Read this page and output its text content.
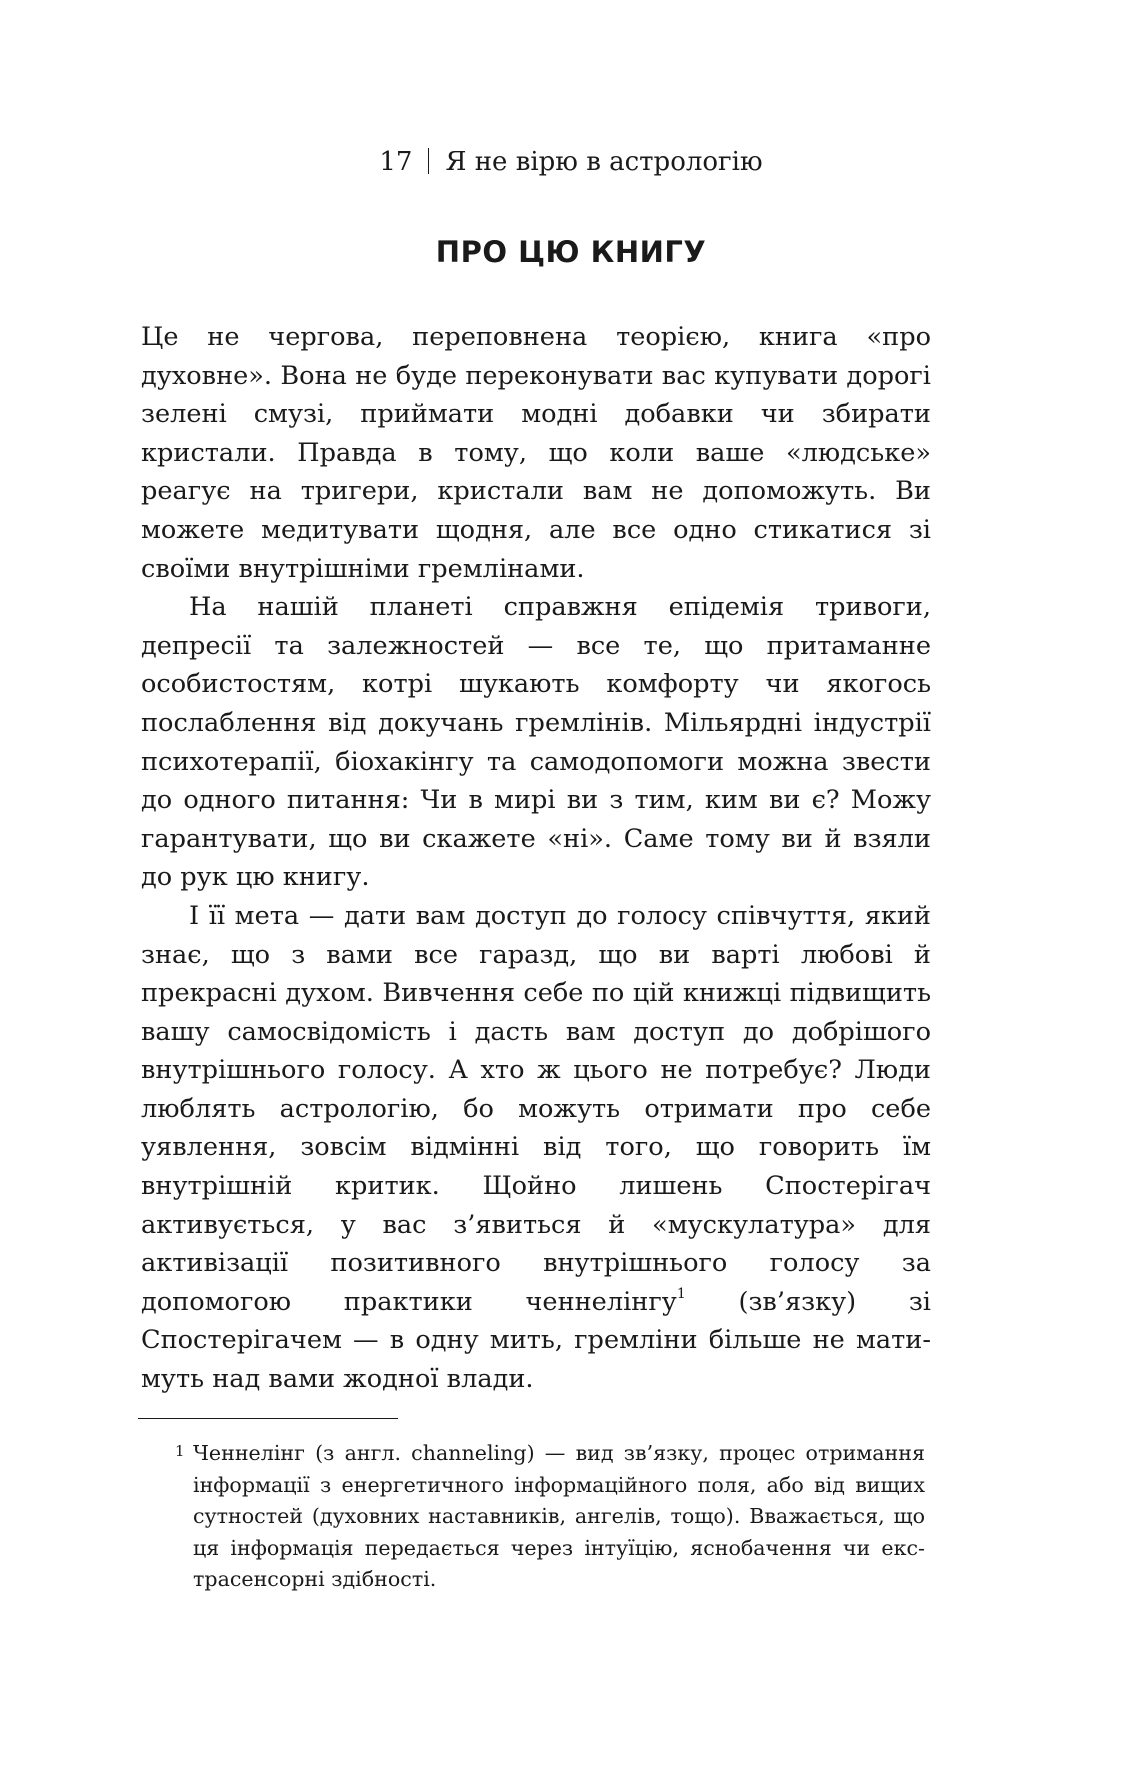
17 Я не вірю в астрологію
ПРО ЦЮ КНИГУ

Це не чергова, переповнена теорією, книга «про духовне». Вона не буде переконувати вас купувати дорогі зелені смузі, приймати модні добавки чи збирати кристали. Правда в тому, що коли ваше «людське» реагує на тригери, кристали вам не допоможуть. Ви можете медитувати щодня, але все одно стикатися зі своїми внутрішніми гремлінами.

На нашій планеті справжня епідемія тривоги, депресії та залежностей — все те, що притаманне особистостям, котрі шукають комфорту чи якогось послаблення від докучань гремлінів. Мільярдні індустрії психотерапії, біохакінгу та самодопомоги можна звести до одного питання: Чи в мирі ви з тим, ким ви є? Можу гарантувати, що ви скажете «ні». Саме тому ви й взяли до рук цю книгу.

І її мета — дати вам доступ до голосу співчуття, який знає, що з вами все гаразд, що ви варті любові й прекрасні духом. Вивчення себе по цій книжці підвищить вашу самосвідомість і дасть вам доступ до добрішого внутрішнього голосу. А хто ж цього не потребує? Люди люблять астрологію, бо можуть отримати про себе уявлення, зовсім відмінні від того, що говорить їм внутрішній критик. Щойно лишень Спостерігач активується, у вас з’явиться й «мускулатура» для активізації позитивного внутрішнього голосу за допомогою практики ченнелінгу$^1$ (зв’язку) зі Спостерігачем — в одну мить, гремліни більше не матимуть над вами жодної влади.

1 Ченнелінг (з англ. channeling) — вид зв’язку, процес отримання інформації з енергетичного інформаційного поля, або від вищих сутностей (духовних наставників, ангелів, тощо). Вважається, що ця інформація передається через інтуїцію, яснобачення чи екстрасенсорні здібності.
